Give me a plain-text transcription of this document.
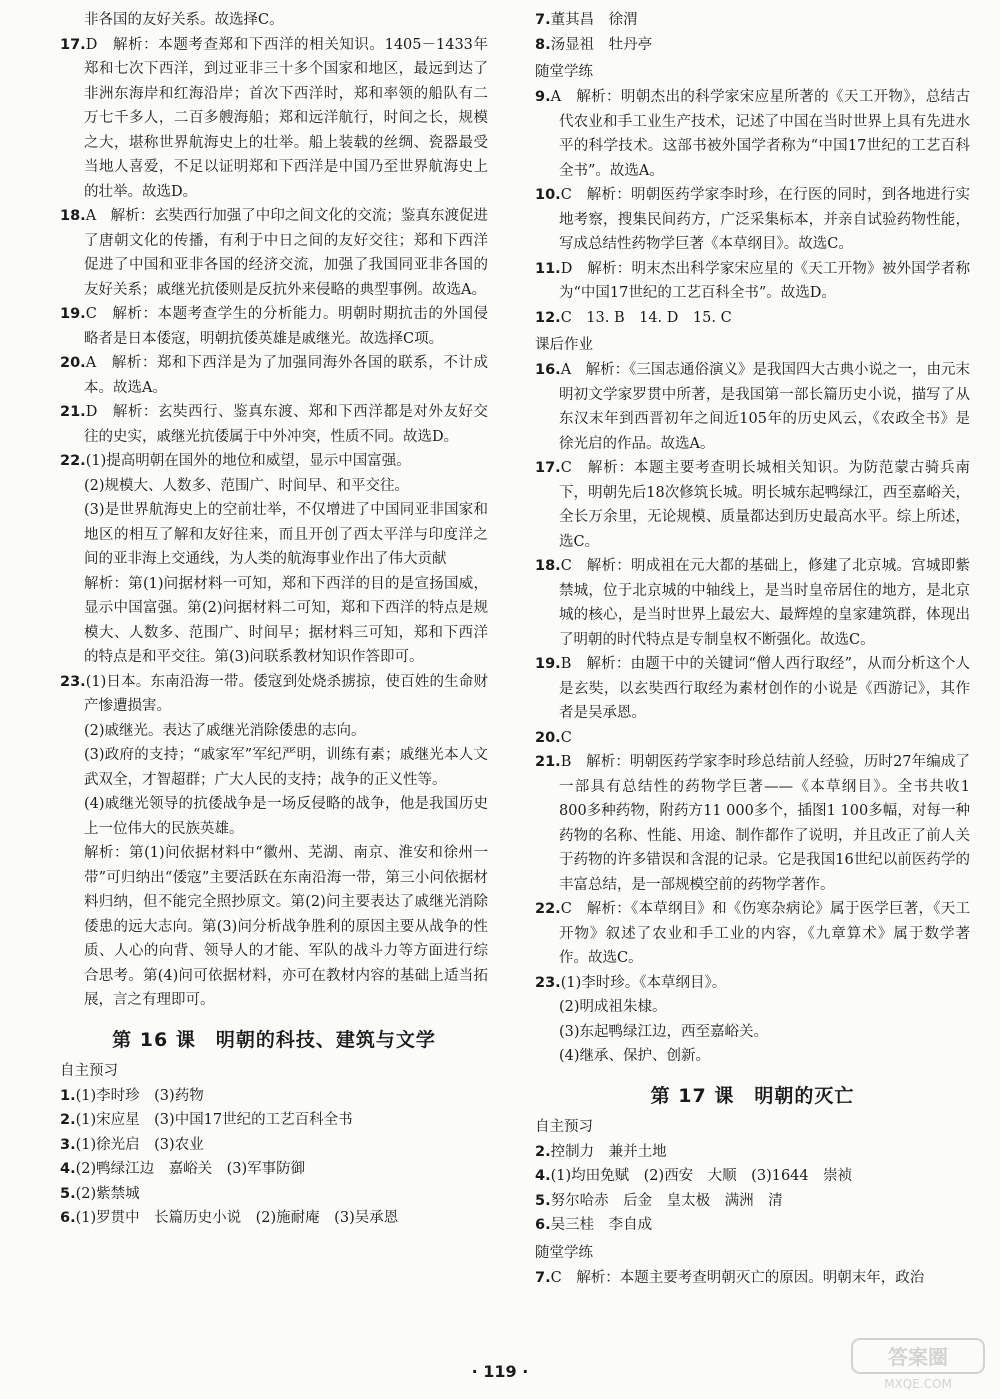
非各国的友好关系。故选择C。

17.D　解析：本题考查郑和下西洋的相关知识。1405－1433年郑和七次下西洋，到过亚非三十多个国家和地区，最远到达了非洲东海岸和红海沿岸；首次下西洋时，郑和率领的船队有二万七千多人，二百多艘海船；郑和远洋航行，时间之长，规模之大，堪称世界航海史上的壮举。船上装载的丝绸、瓷器最受当地人喜爱，不足以证明郑和下西洋是中国乃至世界航海史上的壮举。故选D。

18.A　解析：玄奘西行加强了中印之间文化的交流；鉴真东渡促进了唐朝文化的传播，有利于中日之间的友好交往；郑和下西洋促进了中国和亚非各国的经济交流，加强了我国同亚非各国的友好关系；戚继光抗倭则是反抗外来侵略的典型事例。故选A。

19.C　解析：本题考查学生的分析能力。明朝时期抗击的外国侵略者是日本倭寇，明朝抗倭英雄是戚继光。故选择C项。

20.A　解析：郑和下西洋是为了加强同海外各国的联系，不计成本。故选A。

21.D　解析：玄奘西行、鉴真东渡、郑和下西洋都是对外友好交往的史实，戚继光抗倭属于中外冲突，性质不同。故选D。

22.(1)提高明朝在国外的地位和威望，显示中国富强。

(2)规模大、人数多、范围广、时间早、和平交往。

(3)是世界航海史上的空前壮举，不仅增进了中国同亚非国家和地区的相互了解和友好往来，而且开创了西太平洋与印度洋之间的亚非海上交通线，为人类的航海事业作出了伟大贡献

解析：第(1)问据材料一可知，郑和下西洋的目的是宣扬国威，显示中国富强。第(2)问据材料二可知，郑和下西洋的特点是规模大、人数多、范围广、时间早；据材料三可知，郑和下西洋的特点是和平交往。第(3)问联系教材知识作答即可。

23.(1)日本。东南沿海一带。倭寇到处烧杀掳掠，使百姓的生命财产惨遭损害。

(2)戚继光。表达了戚继光消除倭患的志向。

(3)政府的支持；“戚家军”军纪严明，训练有素；戚继光本人文武双全，才智超群；广大人民的支持；战争的正义性等。

(4)戚继光领导的抗倭战争是一场反侵略的战争，他是我国历史上一位伟大的民族英雄。

解析：第(1)问依据材料中“徽州、芜湖、南京、淮安和徐州一带”可归纳出“倭寇”主要活跃在东南沿海一带，第三小问依据材料归纳，但不能完全照抄原文。第(2)问主要表达了戚继光消除倭患的远大志向。第(3)问分析战争胜利的原因主要从战争的性质、人心的向背、领导人的才能、军队的战斗力等方面进行综合思考。第(4)问可依据材料，亦可在教材内容的基础上适当拓展，言之有理即可。

第 16 课　明朝的科技、建筑与文学
自主预习

1.(1)李时珍　(3)药物

2.(1)宋应星　(3)中国17世纪的工艺百科全书

3.(1)徐光启　(3)农业

4.(2)鸭绿江边　嘉峪关　(3)军事防御

5.(2)紫禁城

6.(1)罗贯中　长篇历史小说　(2)施耐庵　(3)吴承恩

7.董其昌　徐渭

8.汤显祖　牡丹亭

随堂学练

9.A　解析：明朝杰出的科学家宋应星所著的《天工开物》，总结古代农业和手工业生产技术，记述了中国在当时世界上具有先进水平的科学技术。这部书被外国学者称为“中国17世纪的工艺百科全书”。故选A。

10.C　解析：明朝医药学家李时珍，在行医的同时，到各地进行实地考察，搜集民间药方，广泛采集标本，并亲自试验药物性能，写成总结性药物学巨著《本草纲目》。故选C。

11.D　解析：明末杰出科学家宋应星的《天工开物》被外国学者称为“中国17世纪的工艺百科全书”。故选D。

12.C　13. B　14. D　15. C

课后作业

16.A　解析：《三国志通俗演义》是我国四大古典小说之一，由元末明初文学家罗贯中所著，是我国第一部长篇历史小说，描写了从东汉末年到西晋初年之间近105年的历史风云，《农政全书》是徐光启的作品。故选A。

17.C　解析：本题主要考查明长城相关知识。为防范蒙古骑兵南下，明朝先后18次修筑长城。明长城东起鸭绿江，西至嘉峪关，全长万余里，无论规模、质量都达到历史最高水平。综上所述，选C。

18.C　解析：明成祖在元大都的基础上，修建了北京城。宫城即紫禁城，位于北京城的中轴线上，是当时皇帝居住的地方，是北京城的核心，是当时世界上最宏大、最辉煌的皇家建筑群，体现出了明朝的时代特点是专制皇权不断强化。故选C。

19.B　解析：由题干中的关键词“僧人西行取经”，从而分析这个人是玄奘，以玄奘西行取经为素材创作的小说是《西游记》，其作者是吴承恩。

20.C

21.B　解析：明朝医药学家李时珍总结前人经验，历时27年编成了一部具有总结性的药物学巨著——《本草纲目》。全书共收1 800多种药物，附药方11 000多个，插图1 100多幅，对每一种药物的名称、性能、用途、制作都作了说明，并且改正了前人关于药物的许多错误和含混的记录。它是我国16世纪以前医药学的丰富总结，是一部规模空前的药物学著作。

22.C　解析：《本草纲目》和《伤寒杂病论》属于医学巨著，《天工开物》叙述了农业和手工业的内容，《九章算术》属于数学著作。故选C。

23.(1)李时珍。《本草纲目》。

(2)明成祖朱棣。

(3)东起鸭绿江边，西至嘉峪关。

(4)继承、保护、创新。

第 17 课　明朝的灭亡
自主预习

2.控制力　兼并土地

4.(1)均田免赋　(2)西安　大顺　(3)1644　崇祯

5.努尔哈赤　后金　皇太极　满洲　清

6.吴三桂　李自成

随堂学练

7.C　解析：本题主要考查明朝灭亡的原因。明朝末年，政治

· 119 ·
答案圈
MXQE.COM
